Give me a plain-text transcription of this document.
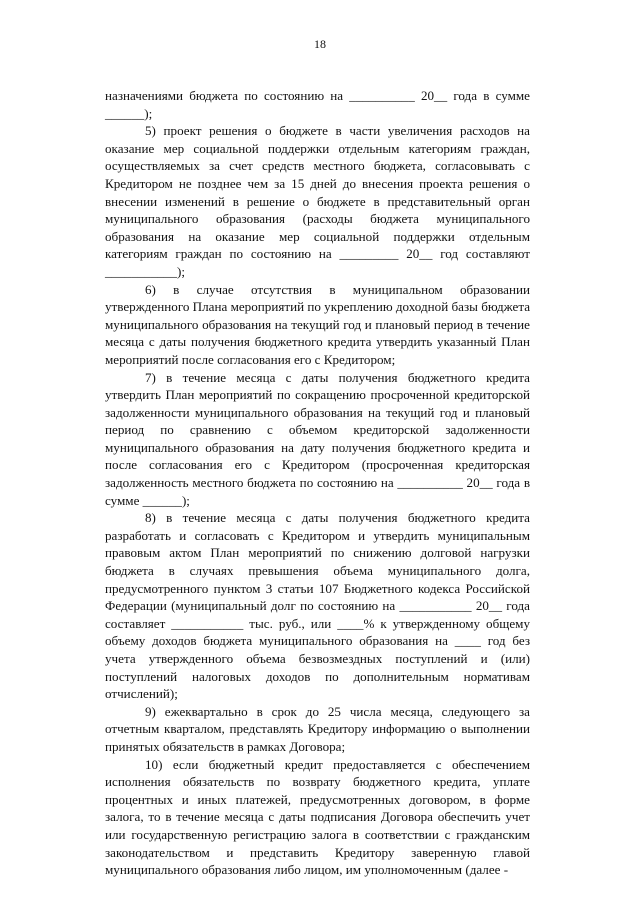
18

назначениями бюджета по состоянию на __________ 20__ года в сумме ______);

5) проект решения о бюджете в части увеличения расходов на оказание мер социальной поддержки отдельным категориям граждан, осуществляемых за счет средств местного бюджета, согласовывать с Кредитором не позднее чем за 15 дней до внесения проекта решения о внесении изменений в решение о бюджете в представительный орган муниципального образования (расходы бюджета муниципального образования на оказание мер социальной поддержки отдельным категориям граждан по состоянию на _________ 20__ год составляют ___________);

6) в случае отсутствия в муниципальном образовании утвержденного Плана мероприятий по укреплению доходной базы бюджета муниципального образования на текущий год и плановый период в течение месяца с даты получения бюджетного кредита утвердить указанный План мероприятий после согласования его с Кредитором;

7) в течение месяца с даты получения бюджетного кредита утвердить План мероприятий по сокращению просроченной кредиторской задолженности муниципального образования на текущий год и плановый период по сравнению с объемом кредиторской задолженности муниципального образования на дату получения бюджетного кредита и после согласования его с Кредитором (просроченная кредиторская задолженность местного бюджета по состоянию на __________ 20__ года в сумме ______);

8) в течение месяца с даты получения бюджетного кредита разработать и согласовать с Кредитором и утвердить муниципальным правовым актом План мероприятий по снижению долговой нагрузки бюджета в случаях превышения объема муниципального долга, предусмотренного пунктом 3 статьи 107 Бюджетного кодекса Российской Федерации (муниципальный долг по состоянию на ___________ 20__ года составляет ___________ тыс. руб., или ____% к утвержденному общему объему доходов бюджета муниципального образования на ____ год без учета утвержденного объема безвозмездных поступлений и (или) поступлений налоговых доходов по дополнительным нормативам отчислений);

9) ежеквартально в срок до 25 числа месяца, следующего за отчетным кварталом, представлять Кредитору информацию о выполнении принятых обязательств в рамках Договора;

10) если бюджетный кредит предоставляется с обеспечением исполнения обязательств по возврату бюджетного кредита, уплате процентных и иных платежей, предусмотренных договором, в форме залога, то в течение месяца с даты подписания Договора обеспечить учет или государственную регистрацию залога в соответствии с гражданским законодательством и представить Кредитору заверенную главой муниципального образования либо лицом, им уполномоченным (далее -
